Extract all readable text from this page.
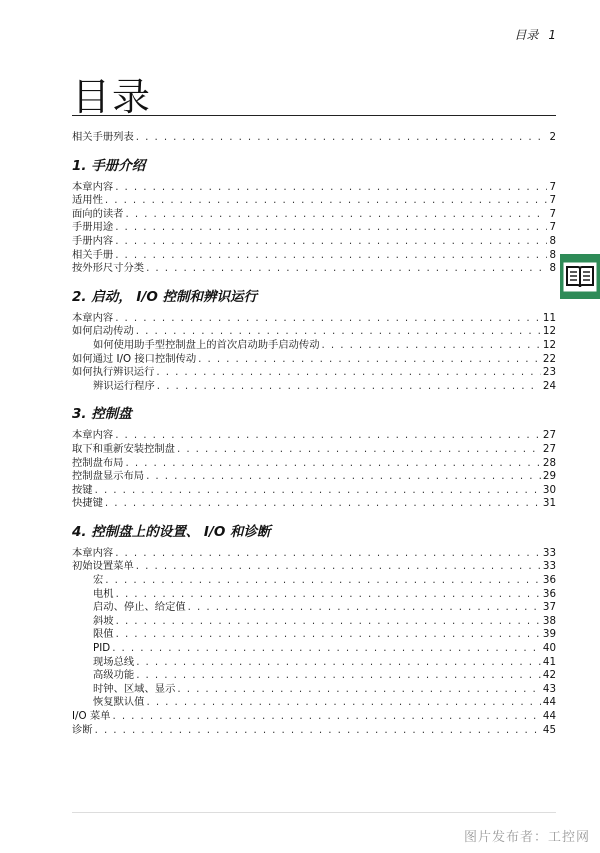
目录 1
目录
相关手册列表 . . .	2
1. 手册介绍
本章内容 . . .	7
适用性 . . .	7
面向的读者 . . .	7
手册用途 . . .	7
手册内容 . . .	8
相关手册 . . .	8
按外形尺寸分类 . . .	8
2. 启动， I/O 控制和辨识运行
本章内容 . . .	11
如何启动传动 . . .	12
如何使用助手型控制盘上的首次启动助手启动传动 . . .	12
如何通过 I/O 接口控制传动 . . .	22
如何执行辨识运行 . . .	23
辨识运行程序 . . .	24
3. 控制盘
本章内容 . . .	27
取下和重新安装控制盘 . . .	27
控制盘布局 . . .	28
控制盘显示布局 . . .	29
按键 . . .	30
快捷键 . . .	31
4. 控制盘上的设置、 I/O 和诊断
本章内容 . . .	33
初始设置菜单 . . .	33
宏 . . .	36
电机 . . .	36
启动、停止、给定值 . . .	37
斜坡 . . .	38
限值 . . .	39
PID . . .	40
现场总线 . . .	41
高级功能 . . .	42
时钟、区域、显示 . . .	43
恢复默认值 . . .	44
I/O 菜单 . . .	44
诊断 . . .	45
图片发布者：工控网
